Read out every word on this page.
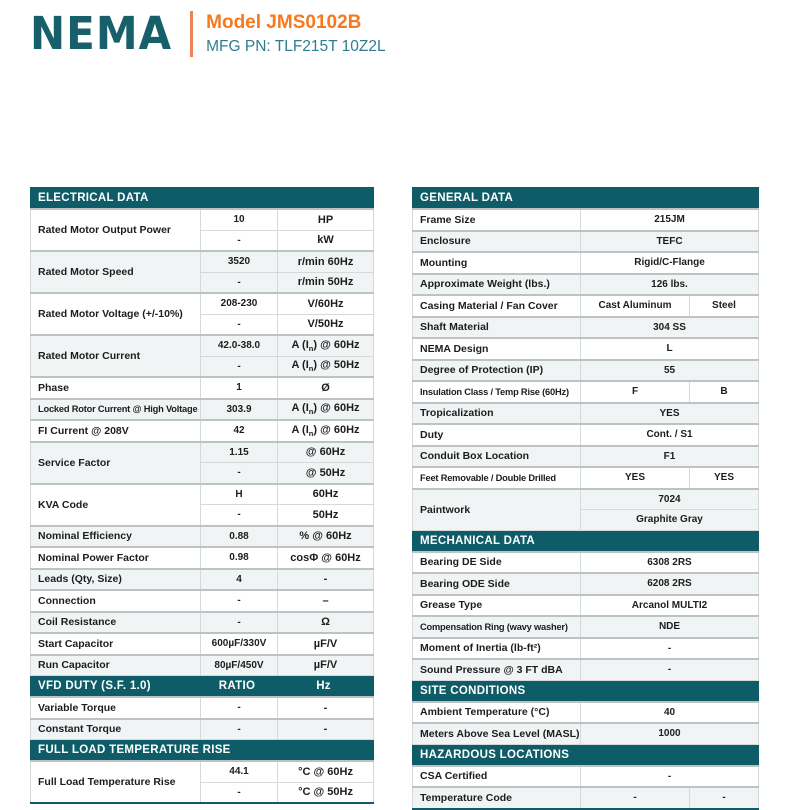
NEMA Model JMS0102B
MFG PN: TLF215T 10Z2L
ELECTRICAL DATA		
Rated Motor Output Power	10	HP
	-	kW
Rated Motor Speed	3520	r/min 60Hz
	-	r/min 50Hz
Rated Motor Voltage (+/-10%)	208-230	V/60Hz
	-	V/50Hz
Rated Motor Current	42.0-38.0	A $(I_n)$ @ 60Hz
	-	A $(I_n)$ @ 50Hz
Phase	1	Ø
Locked Rotor Current @ High Voltage	303.9	A $(I_n)$ @ 60Hz
FI Current @ 208V	42	A $(I_n)$ @ 60Hz
Service Factor	1.15	@ 60Hz
	-	@ 50Hz
KVA Code	H	60Hz
	-	50Hz
Nominal Efficiency	0.88	% @ 60Hz
Nominal Power Factor	0.98	cosΦ @ 60Hz
Leads (Qty, Size)	4	-
Connection	-	–
Coil Resistance	-	Ω
Start Capacitor	600µF/330V	µF/V
Run Capacitor	80µF/450V	µF/V
VFD DUTY (S.F. 1.0)	RATIO	Hz
Variable Torque	-	-
Constant Torque	-	-
FULL LOAD TEMPERATURE RISE		
Full Load Temperature Rise	44.1	°C @ 60Hz
	-	°C @ 50Hz
GENERAL DATA		
Frame Size	215JM	
Enclosure	TEFC	
Mounting	Rigid/C-Flange	
Approximate Weight (lbs.)	126 lbs.	
Casing Material / Fan Cover	Cast Aluminum	Steel
Shaft Material	304 SS	
NEMA Design	L	
Degree of Protection (IP)	55	
Insulation Class / Temp Rise (60Hz)	F	B
Tropicalization	YES	
Duty	Cont. / S1	
Conduit Box Location	F1	
Feet Removable / Double Drilled	YES	YES
Paintwork	7024	
	Graphite Gray	
MECHANICAL DATA		
Bearing DE Side	6308 2RS	
Bearing ODE Side	6208 2RS	
Grease Type	Arcanol MULTI2	
Compensation Ring (wavy washer)	NDE	
Moment of Inertia (lb-ft²)	-	
Sound Pressure @ 3 FT dBA	-	
SITE CONDITIONS		
Ambient Temperature (°C)	40	
Meters Above Sea Level (MASL)	1000	
HAZARDOUS LOCATIONS		
CSA Certified	-	
Temperature Code	-	-
